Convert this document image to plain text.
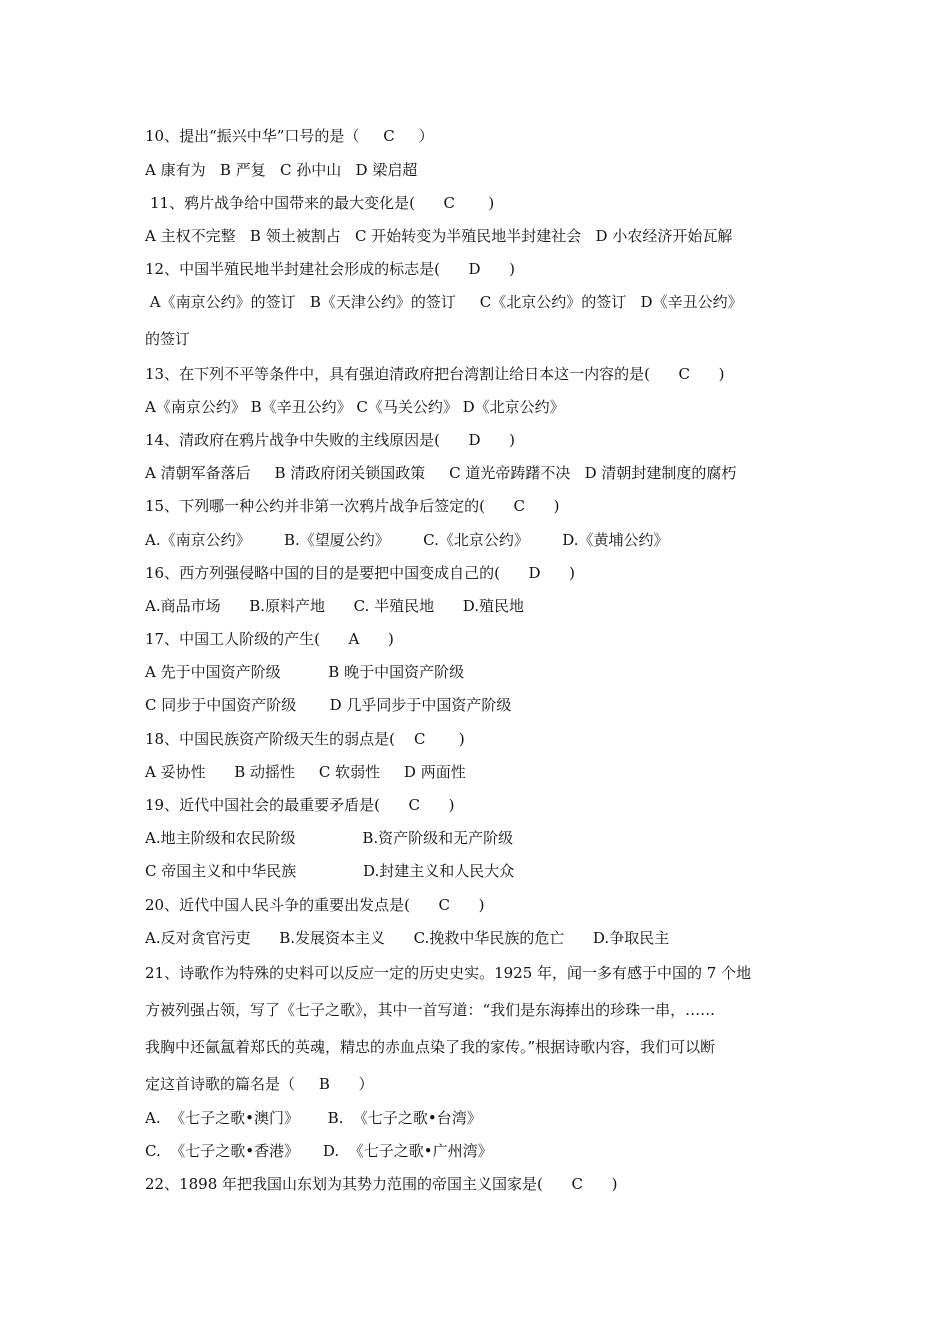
10、提出“振兴中华”口号的是（     C     ）
A 康有为   B 严复   C 孙中山   D 梁启超
11、鸦片战争给中国带来的最大变化是(      C       )
A 主权不完整   B 领土被割占   C 开始转变为半殖民地半封建社会   D 小农经济开始瓦解
12、中国半殖民地半封建社会形成的标志是(      D      )
A《南京公约》的签订   B《天津公约》的签订     C《北京公约》的签订   D《辛丑公约》
的签订
13、在下列不平等条件中，具有强迫清政府把台湾割让给日本这一内容的是(      C      )
A《南京公约》 B《辛丑公约》 C《马关公约》 D《北京公约》
14、清政府在鸦片战争中失败的主线原因是(      D      )
A 清朝军备落后     B 清政府闭关锁国政策     C 道光帝踌躇不决   D 清朝封建制度的腐朽
15、下列哪一种公约并非第一次鸦片战争后签定的(      C      )
A.《南京公约》       B.《望厦公约》       C.《北京公约》       D.《黄埔公约》
16、西方列强侵略中国的目的是要把中国变成自己的(      D      )
A.商品市场      B.原料产地      C. 半殖民地      D.殖民地
17、中国工人阶级的产生(      A      )
A 先于中国资产阶级          B 晚于中国资产阶级
C 同步于中国资产阶级       D 几乎同步于中国资产阶级
18、中国民族资产阶级天生的弱点是(    C       )
A 妥协性      B 动摇性     C 软弱性     D 两面性
19、近代中国社会的最重要矛盾是(      C      )
A.地主阶级和农民阶级              B.资产阶级和无产阶级
C 帝国主义和中华民族              D.封建主义和人民大众
20、近代中国人民斗争的重要出发点是(      C      )
A.反对贪官污吏      B.发展资本主义      C.挽救中华民族的危亡      D.争取民主
21、诗歌作为特殊的史料可以反应一定的历史史实。1925 年，闻一多有感于中国的 7 个地
方被列强占领，写了《七子之歌》，其中一首写道：“我们是东海捧出的珍珠一串，……
我胸中还氤氲着郑氏的英魂，精忠的赤血点染了我的家传。”根据诗歌内容，我们可以断
定这首诗歌的篇名是（     B      ）
A.  《七子之歌•澳门》      B.  《七子之歌•台湾》
C.  《七子之歌•香港》     D.  《七子之歌•广州湾》
22、1898 年把我国山东划为其势力范围的帝国主义国家是(      C      )
